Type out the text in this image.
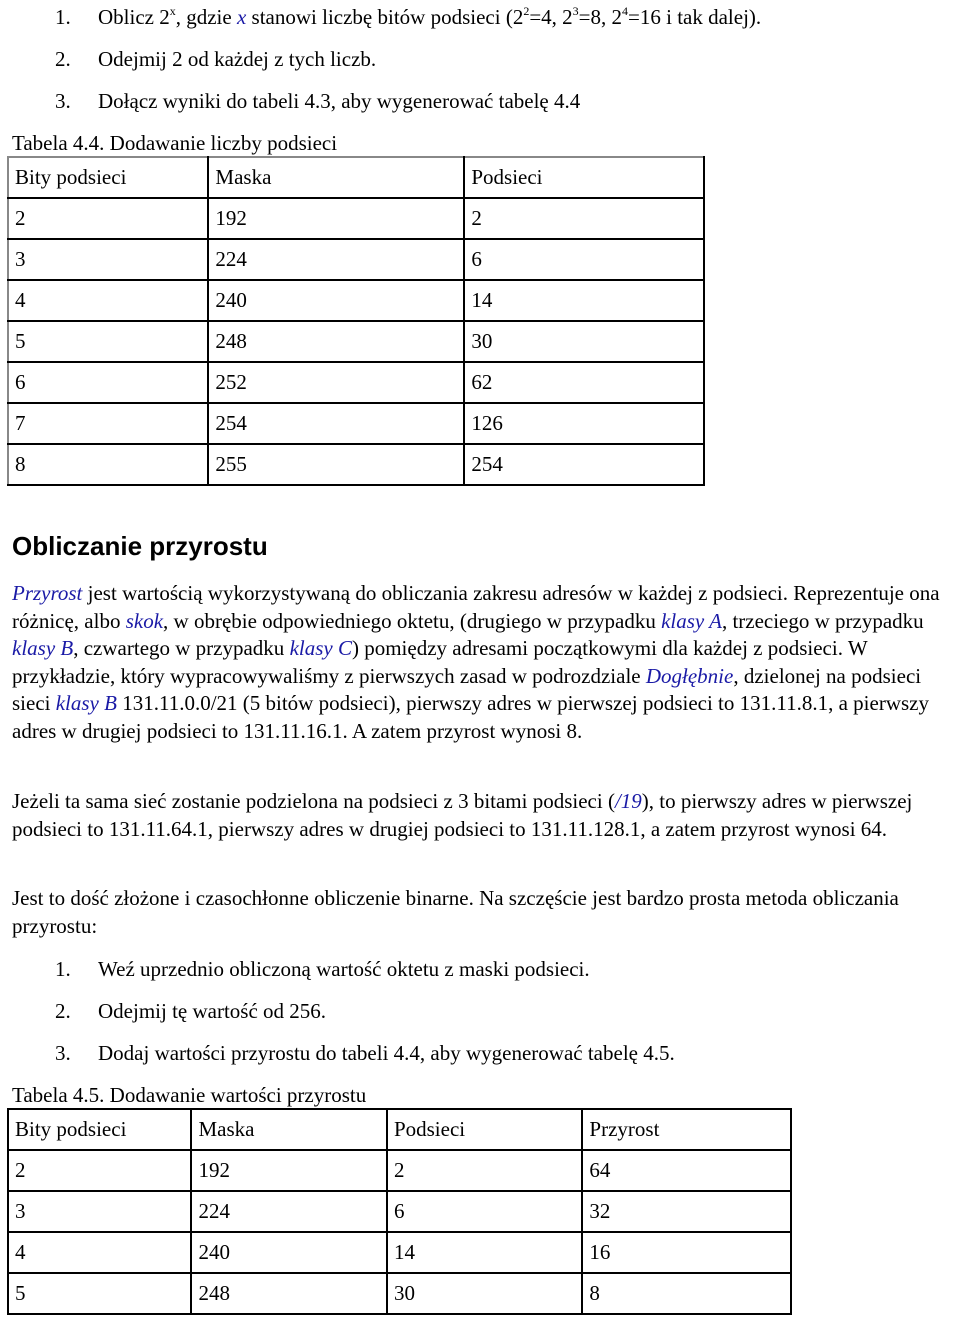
1. Oblicz 2$^x$, gdzie x stanowi liczbę bitów podsieci ($2^2=4$, $2^3=8$, $2^4=16$ i tak dalej).
2. Odejmij 2 od każdej z tych liczb.
3. Dołącz wyniki do tabeli 4.3, aby wygenerować tabelę 4.4
Tabela 4.4. Dodawanie liczby podsieci
Bity podsieci	Maska	Podsieci
2	192	2
3	224	6
4	240	14
5	248	30
6	252	62
7	254	126
8	255	254
Obliczanie przyrostu
Przyrost jest wartością wykorzystywaną do obliczania zakresu adresów w każdej z podsieci. Reprezentuje ona różnicę, albo skok, w obrębie odpowiedniego oktetu, (drugiego w przypadku klasy A, trzeciego w przypadku klasy B, czwartego w przypadku klasy C) pomiędzy adresami początkowymi dla każdej z podsieci. W przykładzie, który wypracowywaliśmy z pierwszych zasad w podrozdziale Dogłębnie, dzielonej na podsieci sieci klasy B 131.11.0.0/21 (5 bitów podsieci), pierwszy adres w pierwszej podsieci to 131.11.8.1, a pierwszy adres w drugiej podsieci to 131.11.16.1. A zatem przyrost wynosi 8.
Jeżeli ta sama sieć zostanie podzielona na podsieci z 3 bitami podsieci (/19), to pierwszy adres w pierwszej podsieci to 131.11.64.1, pierwszy adres w drugiej podsieci to 131.11.128.1, a zatem przyrost wynosi 64.
Jest to dość złożone i czasochłonne obliczenie binarne. Na szczęście jest bardzo prosta metoda obliczania przyrostu:
1. Weź uprzednio obliczoną wartość oktetu z maski podsieci.
2. Odejmij tę wartość od 256.
3. Dodaj wartości przyrostu do tabeli 4.4, aby wygenerować tabelę 4.5.
Tabela 4.5. Dodawanie wartości przyrostu
Bity podsieci	Maska	Podsieci	Przyrost
2	192	2	64
3	224	6	32
4	240	14	16
5	248	30	8
